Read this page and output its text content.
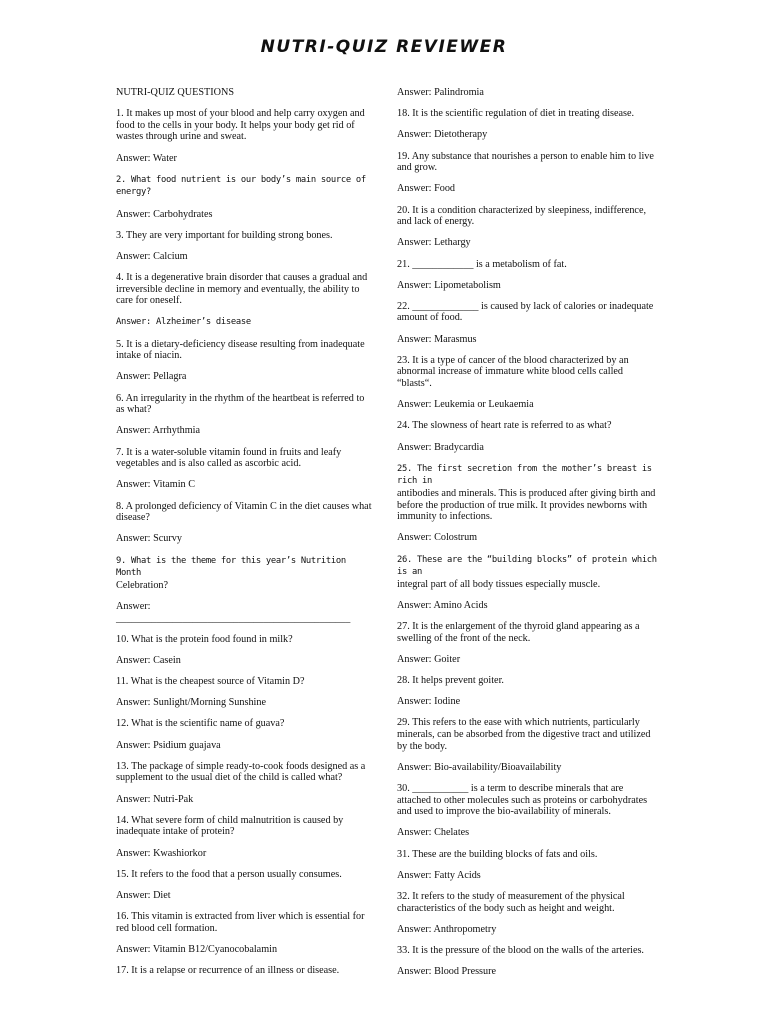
NUTRI-QUIZ REVIEWER
NUTRI-QUIZ QUESTIONS
1. It makes up most of your blood and help carry oxygen and food to the cells in your body. It helps your body get rid of wastes through urine and sweat.
Answer: Water
2. What food nutrient is our body’s main source of energy?
Answer: Carbohydrates
3. They are very important for building strong bones.
Answer: Calcium
4. It is a degenerative brain disorder that causes a gradual and irreversible decline in memory and eventually, the ability to care for oneself.
Answer: Alzheimer’s disease
5. It is a dietary-deficiency disease resulting from inadequate intake of niacin.
Answer: Pellagra
6. An irregularity in the rhythm of the heartbeat is referred to as what?
Answer: Arrhythmia
7. It is a water-soluble vitamin found in fruits and leafy vegetables and is also called as ascorbic acid.
Answer: Vitamin C
8. A prolonged deficiency of Vitamin C in the diet causes what disease?
Answer: Scurvy
9. What is the theme for this year’s Nutrition Month
Celebration?
Answer: ______________________________________________
10. What is the protein food found in milk?
Answer: Casein
11. What is the cheapest source of Vitamin D?
Answer: Sunlight/Morning Sunshine
12. What is the scientific name of guava?
Answer: Psidium guajava
13. The package of simple ready-to-cook foods designed as a supplement to the usual diet of the child is called what?
Answer: Nutri-Pak
14. What severe form of child malnutrition is caused by inadequate intake of protein?
Answer: Kwashiorkor
15. It refers to the food that a person usually consumes.
Answer: Diet
16. This vitamin is extracted from liver which is essential for red blood cell formation.
Answer: Vitamin B12/Cyanocobalamin
17. It is a relapse or recurrence of an illness or disease.
Answer: Palindromia
18. It is the scientific regulation of diet in treating disease.
Answer: Dietotherapy
19. Any substance that nourishes a person to enable him to live and grow.
Answer: Food
20. It is a condition characterized by sleepiness, indifference, and lack of energy.
Answer: Lethargy
21. ____________ is a metabolism of fat.
Answer: Lipometabolism
22. _____________ is caused by lack of calories or inadequate amount of food.
Answer: Marasmus
23. It is a type of cancer of the blood characterized by an abnormal increase of immature white blood cells called “blasts“.
Answer: Leukemia or Leukaemia
24. The slowness of heart rate is referred to as what?
Answer: Bradycardia
25. The first secretion from the mother’s breast is rich in
antibodies and minerals. This is produced after giving birth and before the production of true milk. It provides newborns with immunity to infections.
Answer: Colostrum
26. These are the “building blocks” of protein which is an
integral part of all body tissues especially muscle.
Answer: Amino Acids
27. It is the enlargement of the thyroid gland appearing as a swelling of the front of the neck.
Answer: Goiter
28. It helps prevent goiter.
Answer: Iodine
29. This refers to the ease with which nutrients, particularly minerals, can be absorbed from the digestive tract and utilized by the body.
Answer: Bio-availability/Bioavailability
30. ___________ is a term to describe minerals that are attached to other molecules such as proteins or carbohydrates and used to improve the bio-availability of minerals.
Answer: Chelates
31. These are the building blocks of fats and oils.
Answer: Fatty Acids
32. It refers to the study of measurement of the physical characteristics of the body such as height and weight.
Answer: Anthropometry
33. It is the pressure of the blood on the walls of the arteries.
Answer: Blood Pressure
